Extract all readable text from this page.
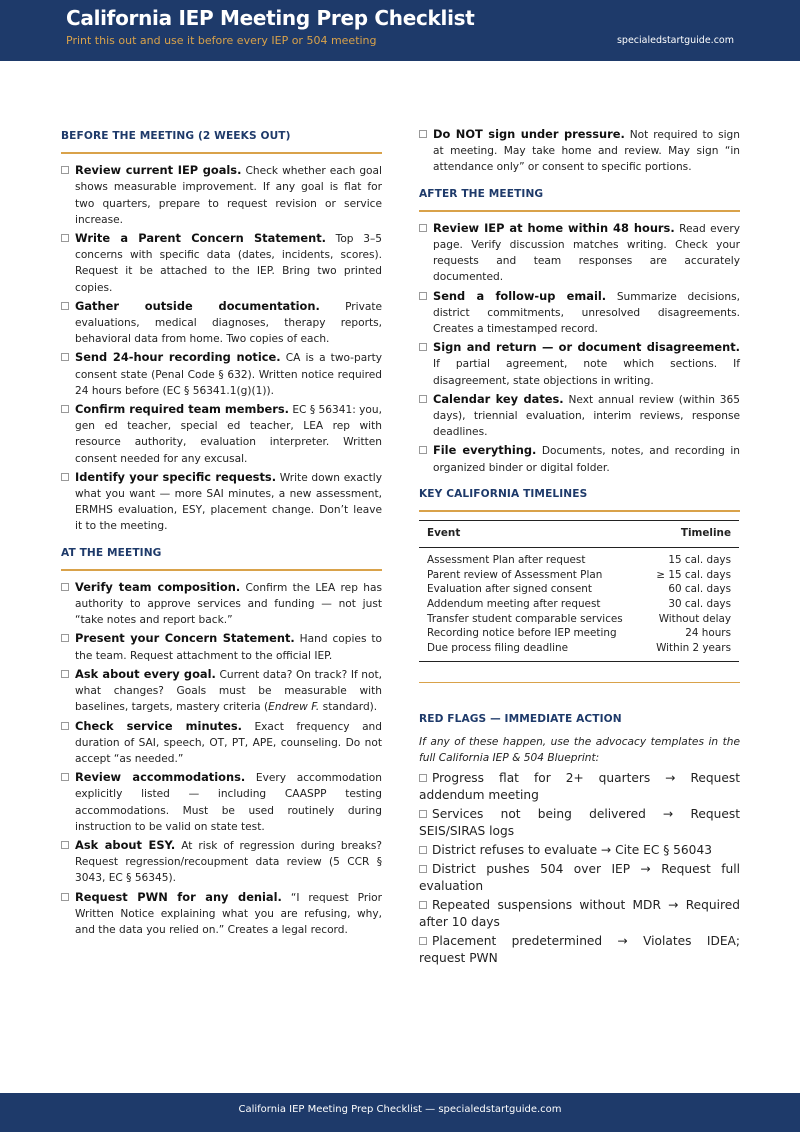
California IEP Meeting Prep Checklist
Print this out and use it before every IEP or 504 meeting	specialedstartguide.com
BEFORE THE MEETING (2 WEEKS OUT)
Review current IEP goals. Check whether each goal shows measurable improvement. If any goal is flat for two quarters, prepare to request revision or service increase.
Write a Parent Concern Statement. Top 3–5 concerns with specific data (dates, incidents, scores). Request it be attached to the IEP. Bring two printed copies.
Gather outside documentation. Private evaluations, medical diagnoses, therapy reports, behavioral data from home. Two copies of each.
Send 24-hour recording notice. CA is a two-party consent state (Penal Code § 632). Written notice required 24 hours before (EC § 56341.1(g)(1)).
Confirm required team members. EC § 56341: you, gen ed teacher, special ed teacher, LEA rep with resource authority, evaluation interpreter. Written consent needed for any excusal.
Identify your specific requests. Write down exactly what you want — more SAI minutes, a new assessment, ERMHS evaluation, ESY, placement change. Don’t leave it to the meeting.
AT THE MEETING
Verify team composition. Confirm the LEA rep has authority to approve services and funding — not just “take notes and report back.”
Present your Concern Statement. Hand copies to the team. Request attachment to the official IEP.
Ask about every goal. Current data? On track? If not, what changes? Goals must be measurable with baselines, targets, mastery criteria (Endrew F. standard).
Check service minutes. Exact frequency and duration of SAI, speech, OT, PT, APE, counseling. Do not accept “as needed.”
Review accommodations. Every accommodation explicitly listed — including CAASPP testing accommodations. Must be used routinely during instruction to be valid on state test.
Ask about ESY. At risk of regression during breaks? Request regression/recoupment data review (5 CCR § 3043, EC § 56345).
Request PWN for any denial. “I request Prior Written Notice explaining what you are refusing, why, and the data you relied on.” Creates a legal record.
Do NOT sign under pressure. Not required to sign at meeting. May take home and review. May sign “in attendance only” or consent to specific portions.
AFTER THE MEETING
Review IEP at home within 48 hours. Read every page. Verify discussion matches writing. Check your requests and team responses are accurately documented.
Send a follow-up email. Summarize decisions, district commitments, unresolved disagreements. Creates a timestamped record.
Sign and return — or document disagreement. If partial agreement, note which sections. If disagreement, state objections in writing.
Calendar key dates. Next annual review (within 365 days), triennial evaluation, interim reviews, response deadlines.
File everything. Documents, notes, and recording in organized binder or digital folder.
KEY CALIFORNIA TIMELINES
Event	Timeline
Assessment Plan after request	15 cal. days
Parent review of Assessment Plan	≥ 15 cal. days
Evaluation after signed consent	60 cal. days
Addendum meeting after request	30 cal. days
Transfer student comparable services	Without delay
Recording notice before IEP meeting	24 hours
Due process filing deadline	Within 2 years
RED FLAGS — IMMEDIATE ACTION
If any of these happen, use the advocacy templates in the full California IEP & 504 Blueprint:
Progress flat for 2+ quarters → Request addendum meeting
Services not being delivered → Request SEIS/SIRAS logs
District refuses to evaluate → Cite EC § 56043
District pushes 504 over IEP → Request full evaluation
Repeated suspensions without MDR → Required after 10 days
Placement predetermined → Violates IDEA; request PWN
California IEP Meeting Prep Checklist — specialedstartguide.com
